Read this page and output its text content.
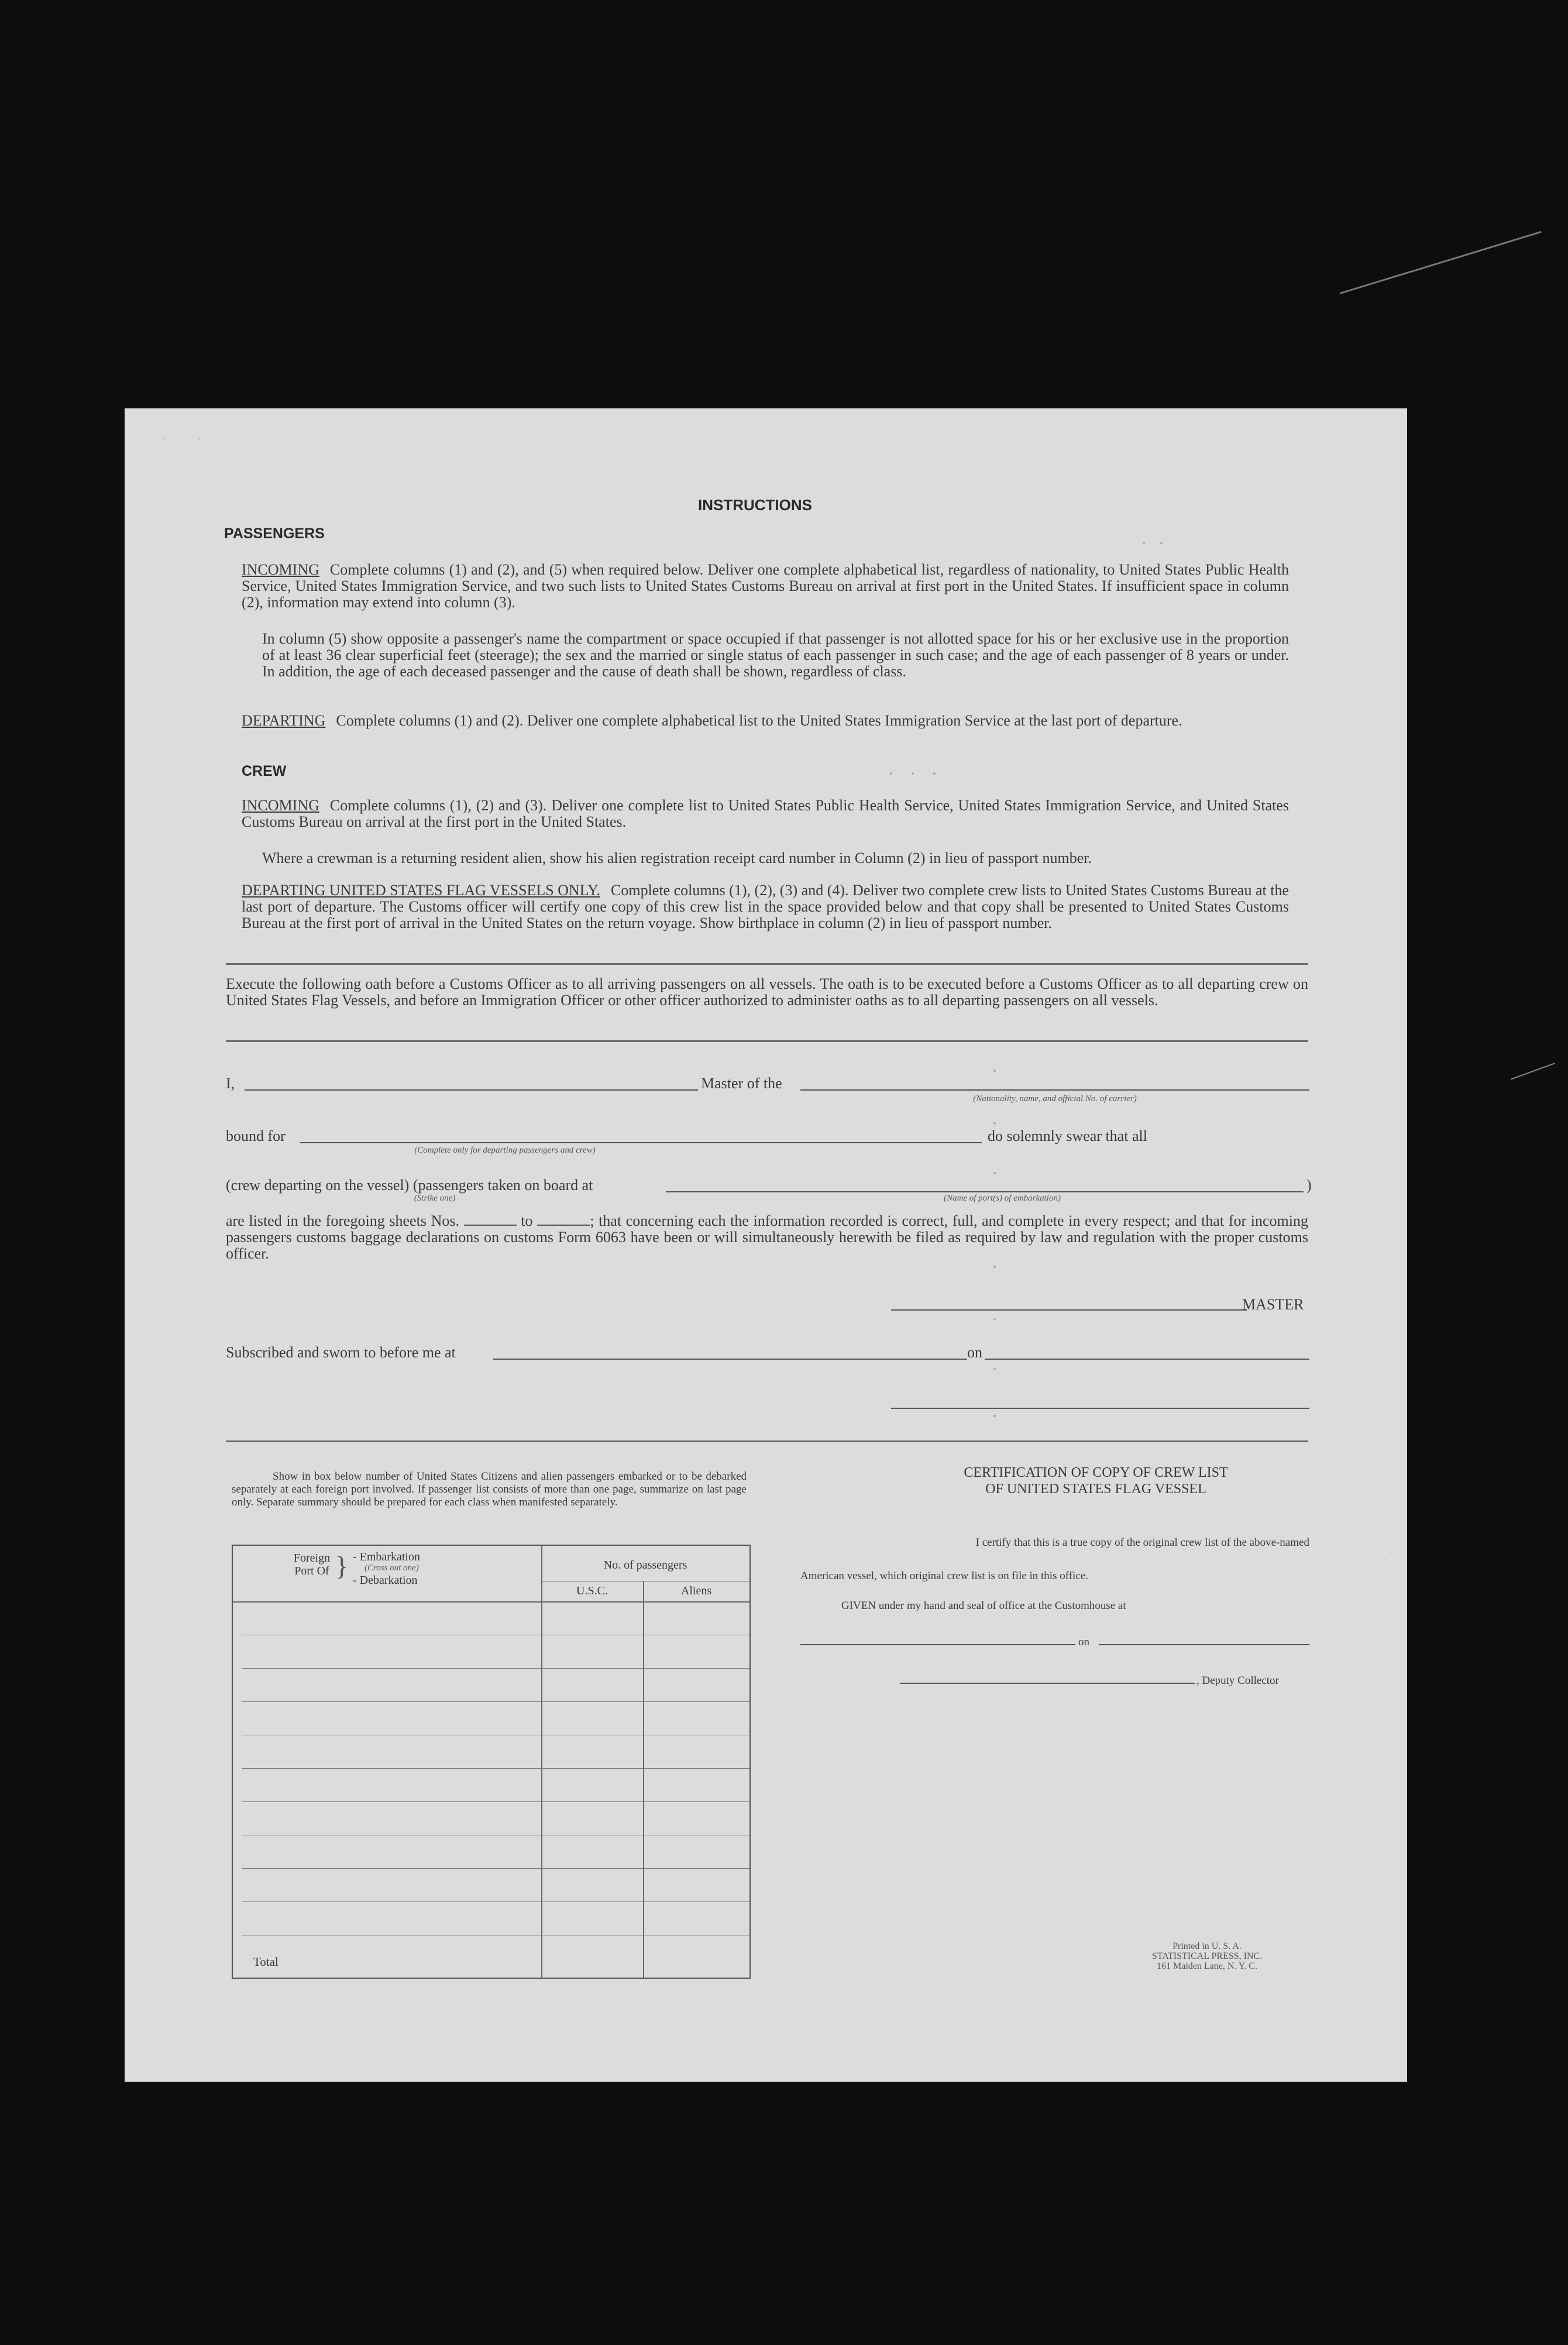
INSTRUCTIONS
PASSENGERS
INCOMING Complete columns (1) and (2), and (5) when required below. Deliver one complete alphabetical list, regardless of nationality, to United States Public Health Service, United States Immigration Service, and two such lists to United States Customs Bureau on arrival at first port in the United States. If insufficient space in column (2), information may extend into column (3).
In column (5) show opposite a passenger's name the compartment or space occupied if that passenger is not allotted space for his or her exclusive use in the proportion of at least 36 clear superficial feet (steerage); the sex and the married or single status of each passenger in such case; and the age of each passenger of 8 years or under. In addition, the age of each deceased passenger and the cause of death shall be shown, regardless of class.
DEPARTING Complete columns (1) and (2). Deliver one complete alphabetical list to the United States Immigration Service at the last port of departure.
CREW
INCOMING Complete columns (1), (2) and (3). Deliver one complete list to United States Public Health Service, United States Immigration Service, and United States Customs Bureau on arrival at the first port in the United States.
Where a crewman is a returning resident alien, show his alien registration receipt card number in Column (2) in lieu of passport number.
DEPARTING UNITED STATES FLAG VESSELS ONLY. Complete columns (1), (2), (3) and (4). Deliver two complete crew lists to United States Customs Bureau at the last port of departure. The Customs officer will certify one copy of this crew list in the space provided below and that copy shall be presented to United States Customs Bureau at the first port of arrival in the United States on the return voyage. Show birthplace in column (2) in lieu of passport number.
Execute the following oath before a Customs Officer as to all arriving passengers on all vessels. The oath is to be executed before a Customs Officer as to all departing crew on United States Flag Vessels, and before an Immigration Officer or other officer authorized to administer oaths as to all departing passengers on all vessels.
I,	Master of the
(Nationality, name, and official No. of carrier)
bound for
(Complete only for departing passengers and crew)
do solemnly swear that all
(crew departing on the vessel) (passengers taken on board at
(Strike one)	(Name of port(s) of embarkation)
)
are listed in the foregoing sheets Nos.	to	; that concerning each the information recorded is correct, full, and complete in every respect; and that for incoming passengers customs baggage declarations on customs Form 6063 have been or will simultaneously herewith be filed as required by law and regulation with the proper customs officer.
MASTER
Subscribed and sworn to before me at	on
Show in box below number of United States Citizens and alien passengers embarked or to be debarked separately at each foreign port involved. If passenger list consists of more than one page, summarize on last page only. Separate summary should be prepared for each class when manifested separately.
Foreign Port Of } - Embarkation
(Cross out one)
- Debarkation
No. of passengers
U.S.C.	Aliens
Total
CERTIFICATION OF COPY OF CREW LIST
OF UNITED STATES FLAG VESSEL
I certify that this is a true copy of the original crew list of the above-named
American vessel, which original crew list is on file in this office.
GIVEN under my hand and seal of office at the Customhouse at
on
, Deputy Collector
Printed in U. S. A.
STATISTICAL PRESS, INC.
161 Maiden Lane, N. Y. C.
